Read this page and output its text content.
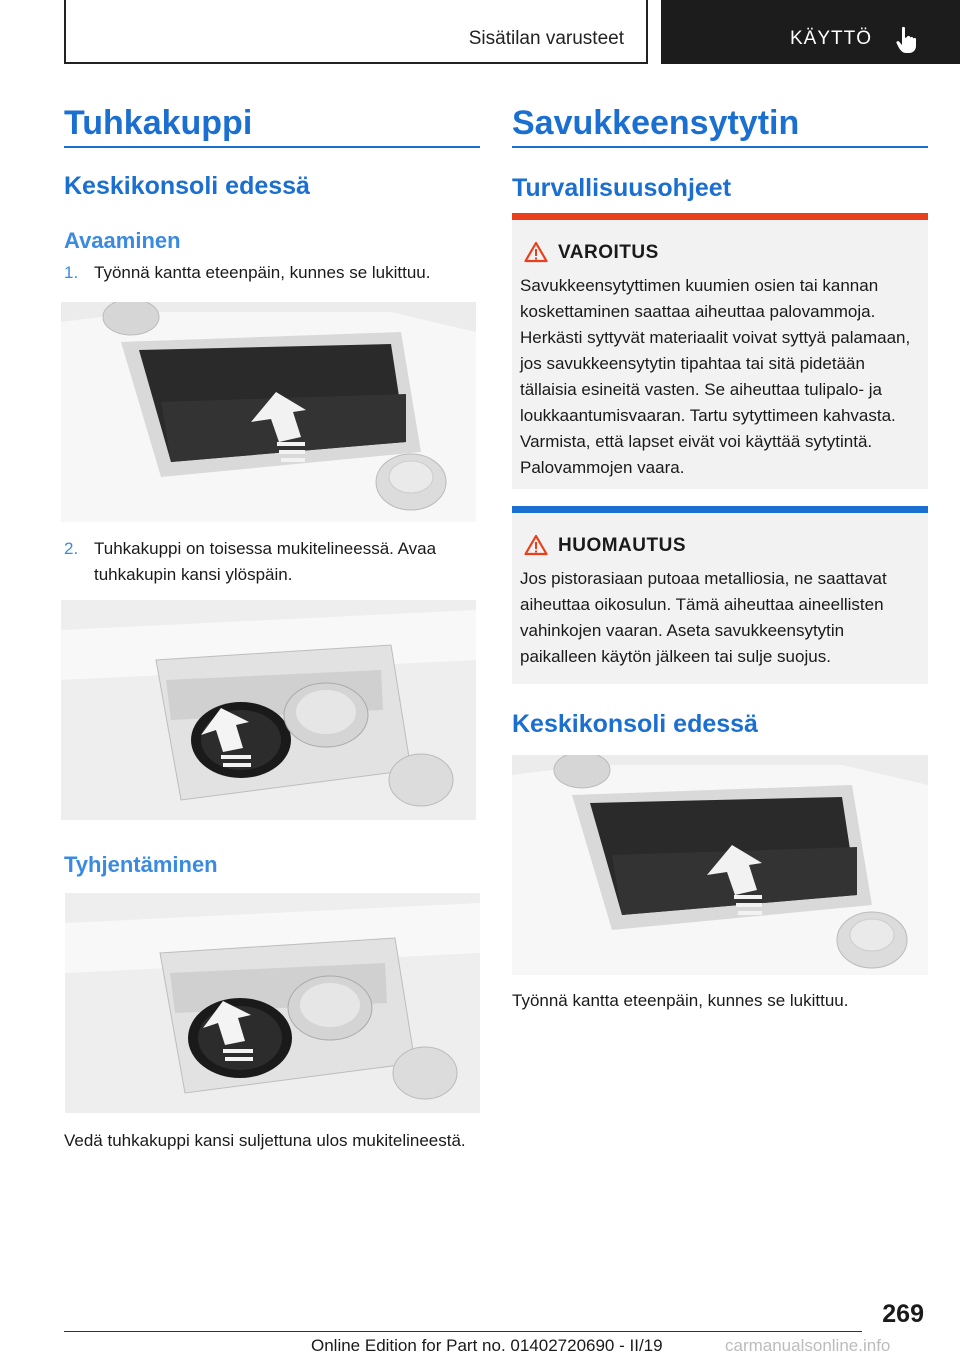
Sisätilan varusteet	KÄYTTÖ
Tuhkakuppi
Keskikonsoli edessä
Avaaminen
1. Työnnä kantta eteenpäin, kunnes se lukittuu.
2. Tuhkakuppi on toisessa mukitelineessä. Avaa tuhkakupin kansi ylöspäin.
Tyhjentäminen
Vedä tuhkakuppi kansi suljettuna ulos mukitelineestä.
Savukkeensytytin
Turvallisuusohjeet
VAROITUS
Savukkeensytyttimen kuumien osien tai kannan koskettaminen saattaa aiheuttaa palovammoja. Herkästi syttyvät materiaalit voivat syttyä palamaan, jos savukkeensytytin tipahtaa tai sitä pidetään tällaisia esineitä vasten. Se aiheuttaa tulipalo- ja loukkaantumisvaaran. Tartu sytyttimeen kahvasta. Varmista, että lapset eivät voi käyttää sytytintä. Palovammojen vaara.
HUOMAUTUS
Jos pistorasiaan putoaa metalliosia, ne saattavat aiheuttaa oikosulun. Tämä aiheuttaa aineellisten vahinkojen vaaran. Aseta savukkeensytytin paikalleen käytön jälkeen tai sulje suojus.
Keskikonsoli edessä
Työnnä kantta eteenpäin, kunnes se lukittuu.
269
Online Edition for Part no. 01402720690 - II/19	carmanualsonline.info
